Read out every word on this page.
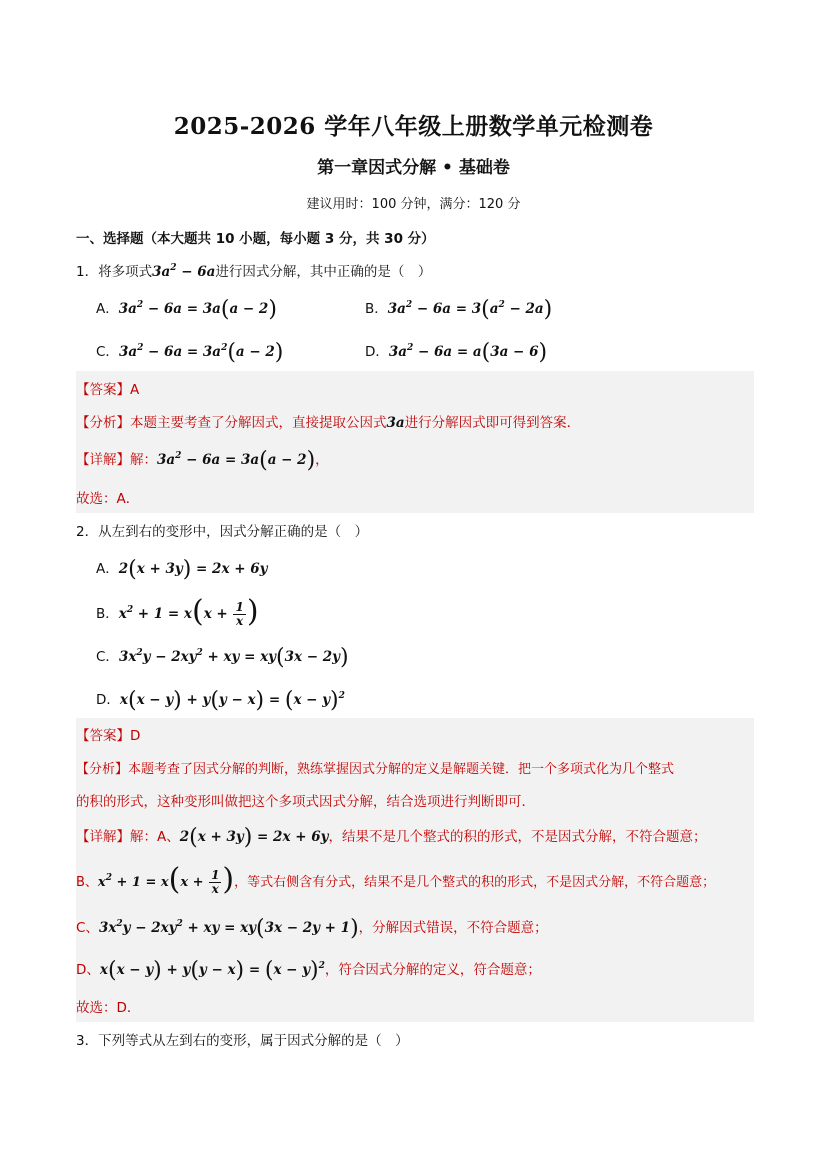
2025-2026 学年八年级上册数学单元检测卷
第一章因式分解 • 基础卷
建议用时：100 分钟，满分：120 分
一、选择题（本大题共 10 小题，每小题 3 分，共 30 分）
1．将多项式$3a^2 - 6a$进行因式分解，其中正确的是（　）
A．$3a^2 - 6a = 3a(a - 2)$	B．$3a^2 - 6a = 3(a^2 - 2a)$
C．$3a^2 - 6a = 3a^2(a - 2)$	D．$3a^2 - 6a = a(3a - 6)$
【答案】A
【分析】本题主要考查了分解因式，直接提取公因式3a进行分解因式即可得到答案．
【详解】解：$3a^2 - 6a = 3a(a - 2)$，
故选：A．
2．从左到右的变形中，因式分解正确的是（　）
A．2(x + 3y) = 2x + 6y
B．$x^2 + 1 = x(x + \frac{1}{x}$ )
C．$3x^2y - 2xy^2$ + xy = xy(3x − 2y)
D．$x(x - y) + y(y - x) = (x - y)^2$
【答案】D
【分析】本题考查了因式分解的判断，熟练掌握因式分解的定义是解题关键．把一个多项式化为几个整式
的积的形式，这种变形叫做把这个多项式因式分解，结合选项进行判断即可．
【详解】解：A、2(x + 3y) = 2x + 6y，结果不是几个整式的积的形式，不是因式分解，不符合题意；
B、$x^2 + 1 = x(x + \frac{1}{x}$ )，等式右侧含有分式，结果不是几个整式的积的形式，不是因式分解，不符合题意；
C、$3x^2y - 2xy^2$ + xy = xy(3x − 2y + 1)，分解因式错误，不符合题意；
D、$x(x - y) + y(y - x) = (x - y)^2$，符合因式分解的定义，符合题意；
故选：D．
3．下列等式从左到右的变形，属于因式分解的是（　）
